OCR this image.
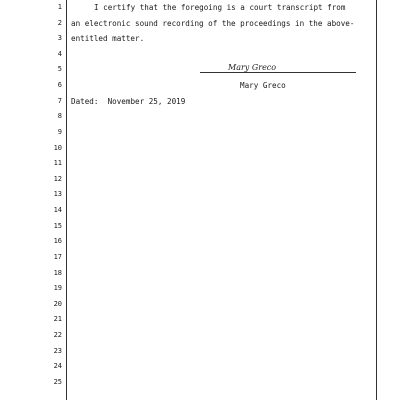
1
2
3
4
5
6
7
8
9
10
11
12
13
14
15
16
17
18
19
20
21
22
23
24
25
I certify that the foregoing is a court transcript from
an electronic sound recording of the proceedings in the above-
entitled matter.
Mary Greco
Mary Greco
Dated: November 25, 2019
